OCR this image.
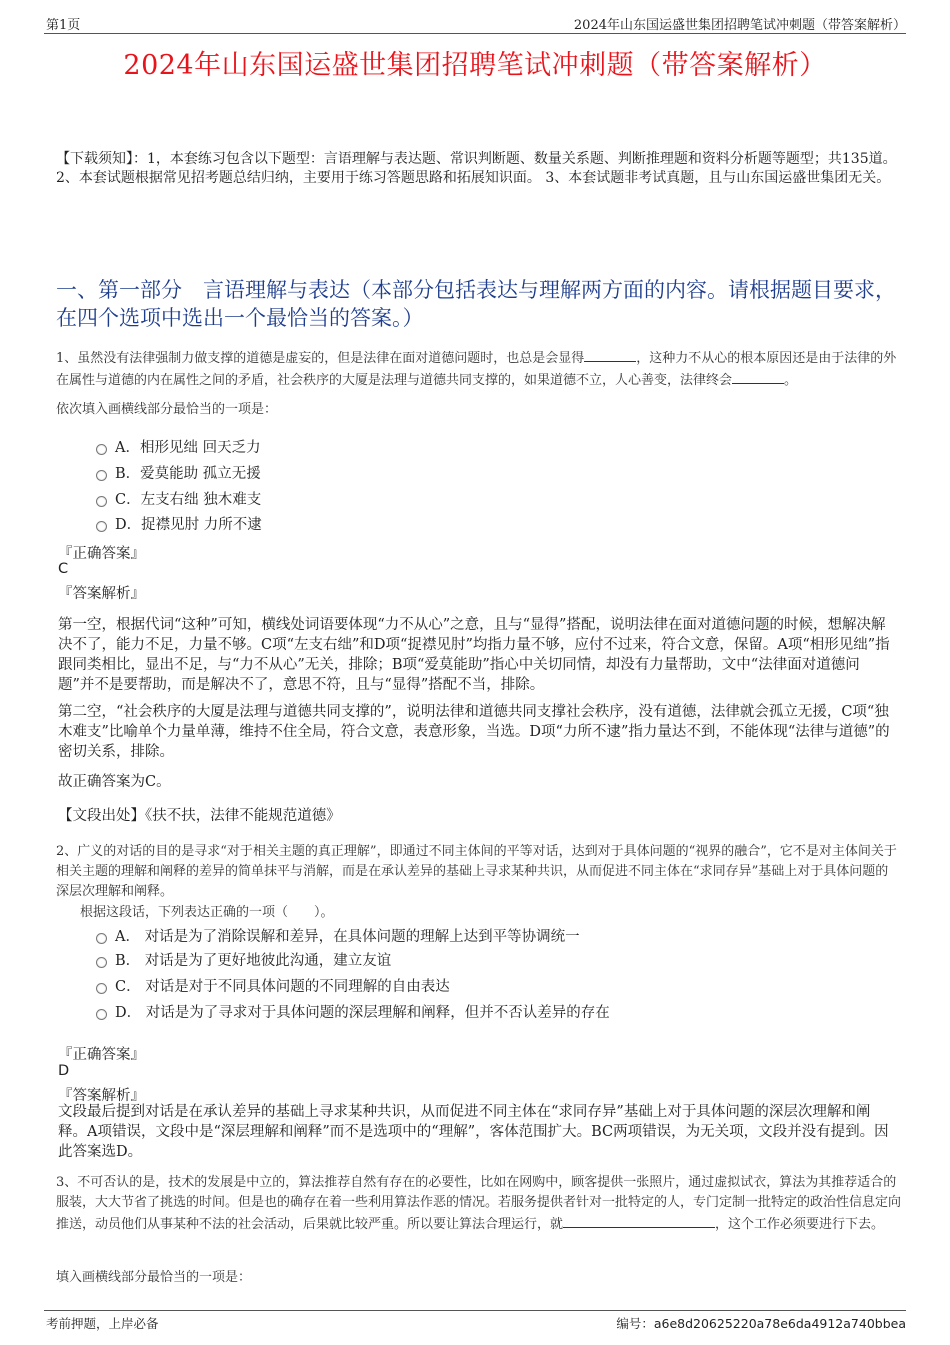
第1页	2024年山东国运盛世集团招聘笔试冲刺题（带答案解析）
2024年山东国运盛世集团招聘笔试冲刺题（带答案解析）

【下载须知】：1，本套练习包含以下题型：言语理解与表达题、常识判断题、数量关系题、判断推理题和资料分析题等题型；共135道。 2、本套试题根据常见招考题总结归纳，主要用于练习答题思路和拓展知识面。 3、本套试题非考试真题，且与山东国运盛世集团无关。

一、第一部分　言语理解与表达（本部分包括表达与理解两方面的内容。请根据题目要求，在四个选项中选出一个最恰当的答案。）

1、虽然没有法律强制力做支撑的道德是虚妄的，但是法律在面对道德问题时，也总是会显得	，这种力不从心的根本原因还是由于法律的外在属性与道德的内在属性之间的矛盾，社会秩序的大厦是法理与道德共同支撑的，如果道德不立，人心善变，法律终会	。

依次填入画横线部分最恰当的一项是：

A．相形见绌 回天乏力
B．爱莫能助 孤立无援
C．左支右绌 独木难支
D．捉襟见肘 力所不逮
『正确答案』
C
『答案解析』

第一空，根据代词“这种”可知，横线处词语要体现“力不从心”之意，且与“显得”搭配，说明法律在面对道德问题的时候，想解决解决不了，能力不足，力量不够。C项“左支右绌”和D项“捉襟见肘”均指力量不够，应付不过来，符合文意，保留。A项“相形见绌”指跟同类相比，显出不足，与“力不从心”无关，排除；B项“爱莫能助”指心中关切同情，却没有力量帮助，文中“法律面对道德问题”并不是要帮助，而是解决不了，意思不符，且与“显得”搭配不当，排除。

第二空，“社会秩序的大厦是法理与道德共同支撑的”，说明法律和道德共同支撑社会秩序，没有道德，法律就会孤立无援，C项“独木难支”比喻单个力量单薄，维持不住全局，符合文意，表意形象，当选。D项“力所不逮”指力量达不到，不能体现“法律与道德”的密切关系，排除。

故正确答案为C。

【文段出处】《扶不扶，法律不能规范道德》

2、广义的对话的目的是寻求“对于相关主题的真正理解”，即通过不同主体间的平等对话，达到对于具体问题的“视界的融合”，它不是对主体间关于相关主题的理解和阐释的差异的简单抹平与消解，而是在承认差异的基础上寻求某种共识，从而促进不同主体在“求同存异”基础上对于具体问题的深层次理解和阐释。

根据这段话，下列表达正确的一项（　　）。

A． 对话是为了消除误解和差异，在具体问题的理解上达到平等协调统一
B． 对话是为了更好地彼此沟通，建立友谊
C． 对话是对于不同具体问题的不同理解的自由表达
D． 对话是为了寻求对于具体问题的深层理解和阐释，但并不否认差异的存在
『正确答案』
D
『答案解析』

文段最后提到对话是在承认差异的基础上寻求某种共识，从而促进不同主体在“求同存异”基础上对于具体问题的深层次理解和阐释。A项错误，文段中是“深层理解和阐释”而不是选项中的“理解”，客体范围扩大。BC两项错误，为无关项，文段并没有提到。因此答案选D。

3、不可否认的是，技术的发展是中立的，算法推荐自然有存在的必要性，比如在网购中，顾客提供一张照片，通过虚拟试衣，算法为其推荐适合的服装，大大节省了挑选的时间。但是也的确存在着一些利用算法作恶的情况。若服务提供者针对一批特定的人，专门定制一批特定的政治性信息定向推送，动员他们从事某种不法的社会活动，后果就比较严重。所以要让算法合理运行，就	，这个工作必须要进行下去。

填入画横线部分最恰当的一项是：

考前押题，上岸必备	编号：a6e8d20625220a78e6da4912a740bbea
